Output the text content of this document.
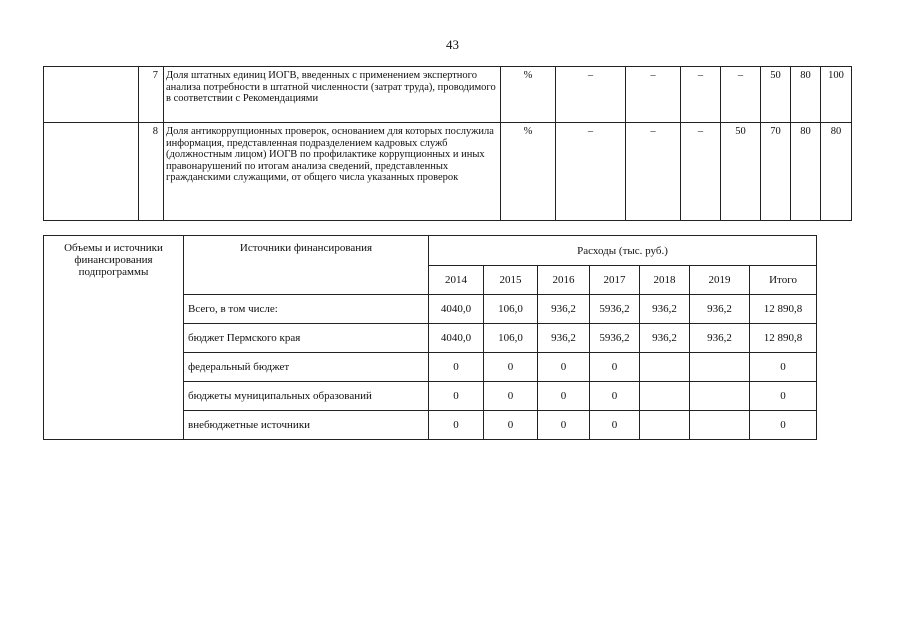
43
	7	Доля штатных единиц ИОГВ, введенных с применением экспертного анализа потребности в штатной численности (затрат труда), проводимого в соответствии с Рекомендациями	%	–	–	–	–	50	80	100
	8	Доля антикоррупционных проверок, основанием для которых послужила информация, представленная подразделением кадровых служб (должностным лицом) ИОГВ по профилактике коррупционных и иных правонарушений по итогам анализа сведений, представленных гражданскими служащими, от общего числа указанных проверок	%	–	–	–	50	70	80	80
Объемы и источники финансирования подпрограммы	Источники финансирования	Расходы (тыс. руб.)						
		2014	2015	2016	2017	2018	2019	Итого
	Всего, в том числе:	4040,0	106,0	936,2	5936,2	936,2	936,2	12 890,8
	бюджет Пермского края	4040,0	106,0	936,2	5936,2	936,2	936,2	12 890,8
	федеральный бюджет	0	0	0	0			0
	бюджеты муниципальных образований	0	0	0	0			0
	внебюджетные источники	0	0	0	0			0
